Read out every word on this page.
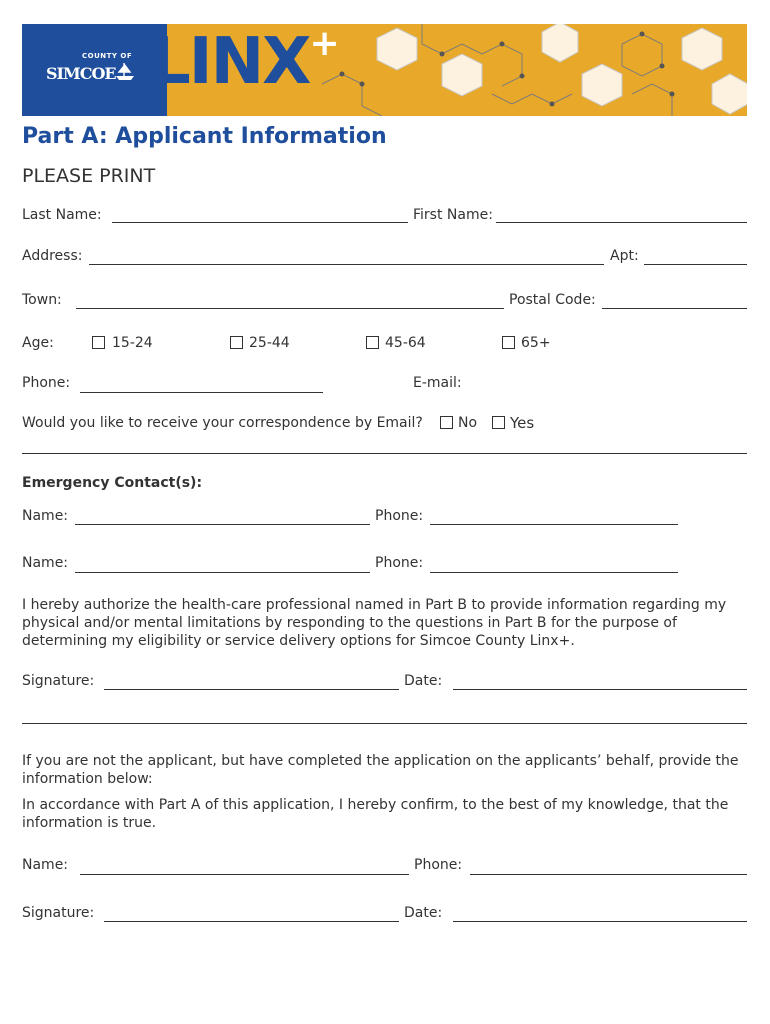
COUNTY OF
SIMCOE LINX+
Part A: Applicant Information
PLEASE PRINT
Last Name:	First Name:
Address:	Apt:
Town:	Postal Code:
Age:	15-24	25-44	45-64	65+
Phone:	E-mail:
Would you like to receive your correspondence by Email?	No Yes
Emergency Contact(s):
Name:	Phone:
Name:	Phone:
I hereby authorize the health-care professional named in Part B to provide information regarding my physical and/or mental limitations by responding to the questions in Part B for the purpose of determining my eligibility or service delivery options for Simcoe County Linx+.
Signature:	Date:
If you are not the applicant, but have completed the application on the applicants’ behalf, provide the information below:
In accordance with Part A of this application, I hereby confirm, to the best of my knowledge, that the information is true.
Name:	Phone:
Signature:	Date:
